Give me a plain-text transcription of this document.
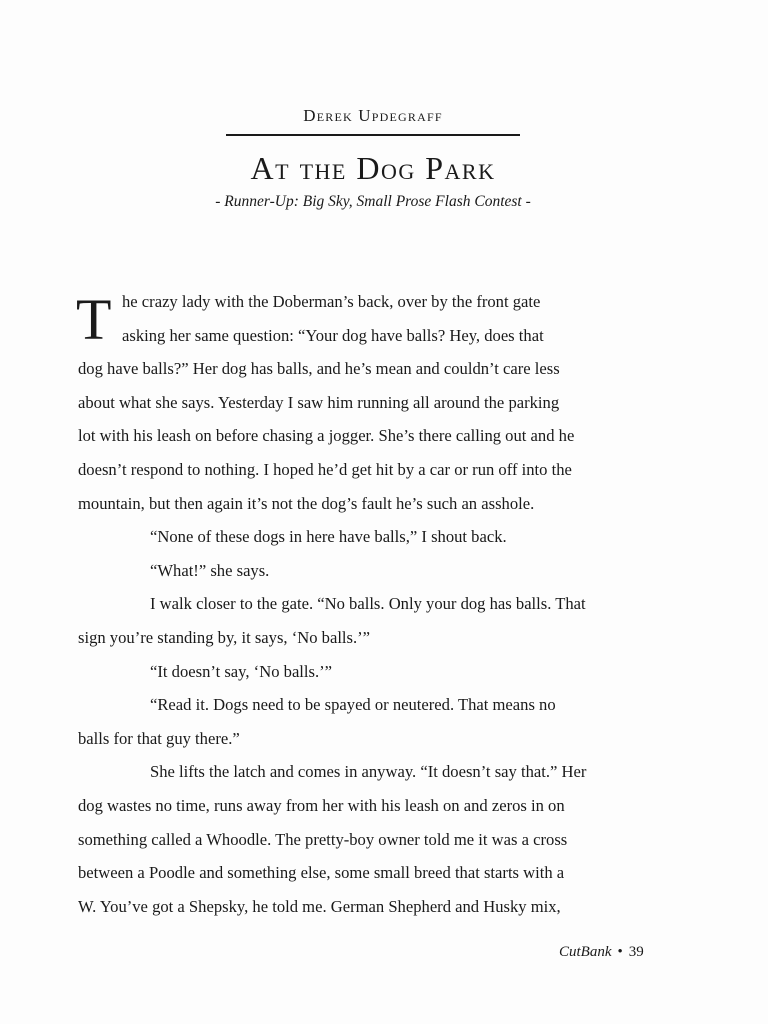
Derek Updegraff
At the Dog Park
- Runner-Up: Big Sky, Small Prose Flash Contest -
T he crazy lady with the Doberman’s back, over by the front gate
asking her same question: “Your dog have balls? Hey, does that
dog have balls?” Her dog has balls, and he’s mean and couldn’t care less
about what she says. Yesterday I saw him running all around the parking
lot with his leash on before chasing a jogger. She’s there calling out and he
doesn’t respond to nothing. I hoped he’d get hit by a car or run off into the
mountain, but then again it’s not the dog’s fault he’s such an asshole.
“None of these dogs in here have balls,” I shout back.
“What!” she says.
I walk closer to the gate. “No balls. Only your dog has balls. That
sign you’re standing by, it says, ‘No balls.’”
“It doesn’t say, ‘No balls.’”
“Read it. Dogs need to be spayed or neutered. That means no
balls for that guy there.”
She lifts the latch and comes in anyway. “It doesn’t say that.” Her
dog wastes no time, runs away from her with his leash on and zeros in on
something called a Whoodle. The pretty-boy owner told me it was a cross
between a Poodle and something else, some small breed that starts with a
W. You’ve got a Shepsky, he told me. German Shepherd and Husky mix,
CutBank • 39
